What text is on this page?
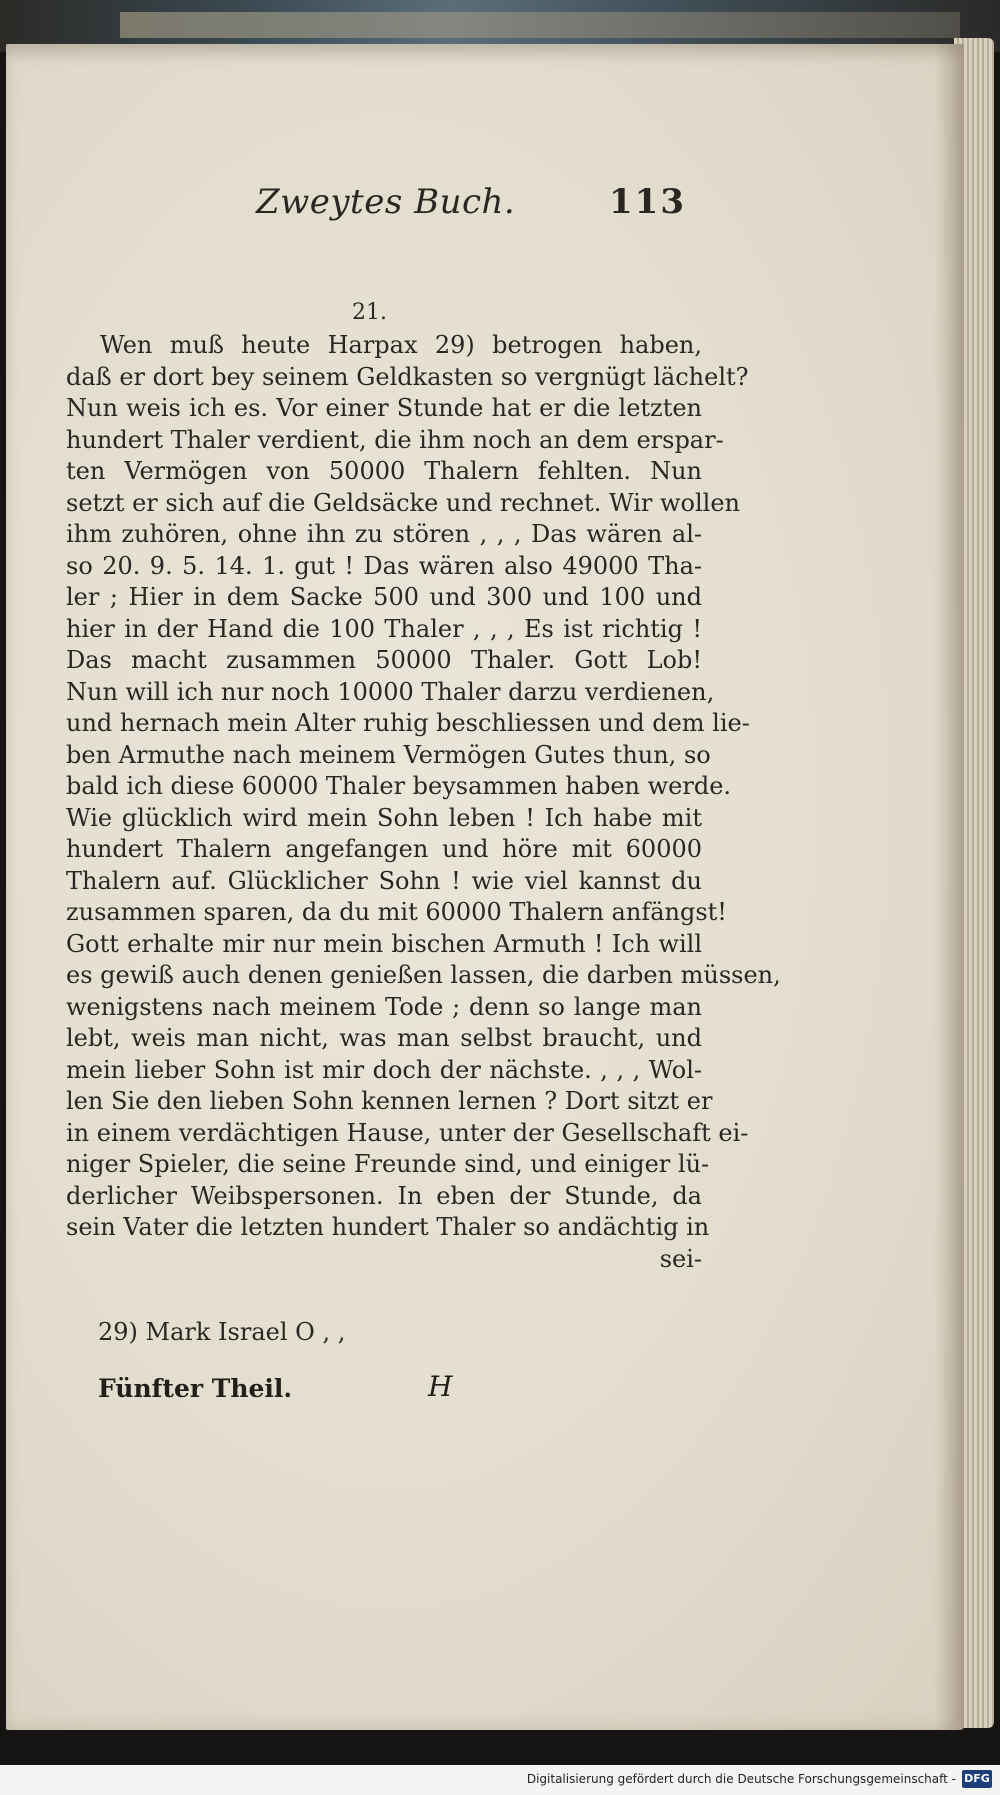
Zweytes Buch.	113
21.
Wen muß heute Harpax 29) betrogen haben,
daß er dort bey seinem Geldkasten so vergnügt lächelt?
Nun weis ich es. Vor einer Stunde hat er die letzten
hundert Thaler verdient, die ihm noch an dem erspar-
ten Vermögen von 50000 Thalern fehlten. Nun
setzt er sich auf die Geldsäcke und rechnet. Wir wollen
ihm zuhören, ohne ihn zu stören , , , Das wären al-
so 20. 9. 5. 14. 1. gut ! Das wären also 49000 Tha-
ler ; Hier in dem Sacke 500 und 300 und 100 und
hier in der Hand die 100 Thaler , , , Es ist richtig !
Das macht zusammen 50000 Thaler. Gott Lob!
Nun will ich nur noch 10000 Thaler darzu verdienen,
und hernach mein Alter ruhig beschliessen und dem lie-
ben Armuthe nach meinem Vermögen Gutes thun, so
bald ich diese 60000 Thaler beysammen haben werde.
Wie glücklich wird mein Sohn leben ! Ich habe mit
hundert Thalern angefangen und höre mit 60000
Thalern auf. Glücklicher Sohn ! wie viel kannst du
zusammen sparen, da du mit 60000 Thalern anfängst!
Gott erhalte mir nur mein bischen Armuth ! Ich will
es gewiß auch denen genießen lassen, die darben müssen,
wenigstens nach meinem Tode ; denn so lange man
lebt, weis man nicht, was man selbst braucht, und
mein lieber Sohn ist mir doch der nächste. , , , Wol-
len Sie den lieben Sohn kennen lernen ? Dort sitzt er
in einem verdächtigen Hause, unter der Gesellschaft ei-
niger Spieler, die seine Freunde sind, und einiger lü-
derlicher Weibspersonen. In eben der Stunde, da
sein Vater die letzten hundert Thaler so andächtig in
sei-
29) Mark Israel O , ,
Fünfter Theil.	H
Digitalisierung gefördert durch die Deutsche Forschungsgemeinschaft - DFG
